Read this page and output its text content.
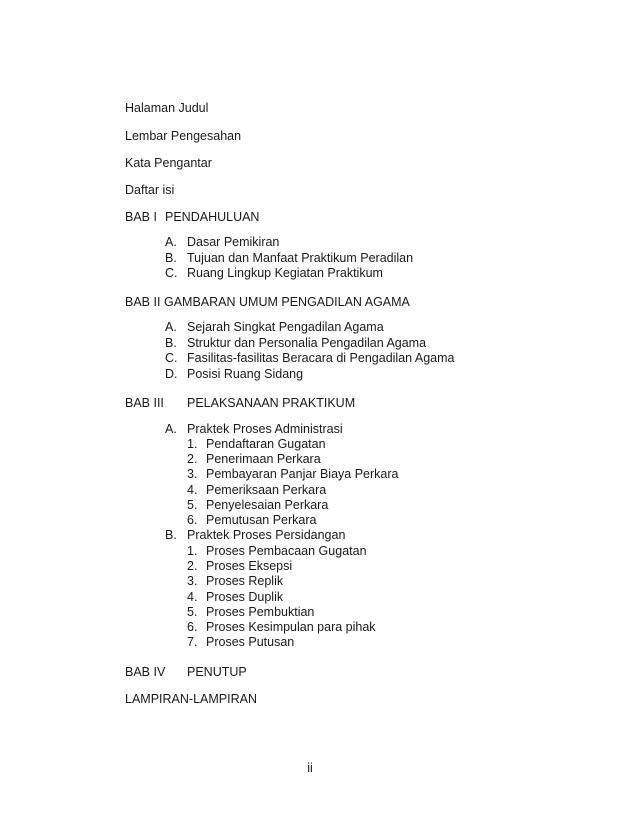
Halaman Judul
Lembar Pengesahan
Kata Pengantar
Daftar isi
BAB I PENDAHULUAN
A. Dasar Pemikiran
B. Tujuan dan Manfaat Praktikum Peradilan
C. Ruang Lingkup Kegiatan Praktikum
BAB II GAMBARAN UMUM PENGADILAN AGAMA
A. Sejarah Singkat Pengadilan Agama
B. Struktur dan Personalia Pengadilan Agama
C. Fasilitas-fasilitas Beracara di Pengadilan Agama
D. Posisi Ruang Sidang
BAB III PELAKSANAAN PRAKTIKUM
A. Praktek Proses Administrasi
1. Pendaftaran Gugatan
2. Penerimaan Perkara
3. Pembayaran Panjar Biaya Perkara
4. Pemeriksaan Perkara
5. Penyelesaian Perkara
6. Pemutusan Perkara
B. Praktek Proses Persidangan
1. Proses Pembacaan Gugatan
2. Proses Eksepsi
3. Proses Replik
4. Proses Duplik
5. Proses Pembuktian
6. Proses Kesimpulan para pihak
7. Proses Putusan
BAB IV PENUTUP
LAMPIRAN-LAMPIRAN
ii
